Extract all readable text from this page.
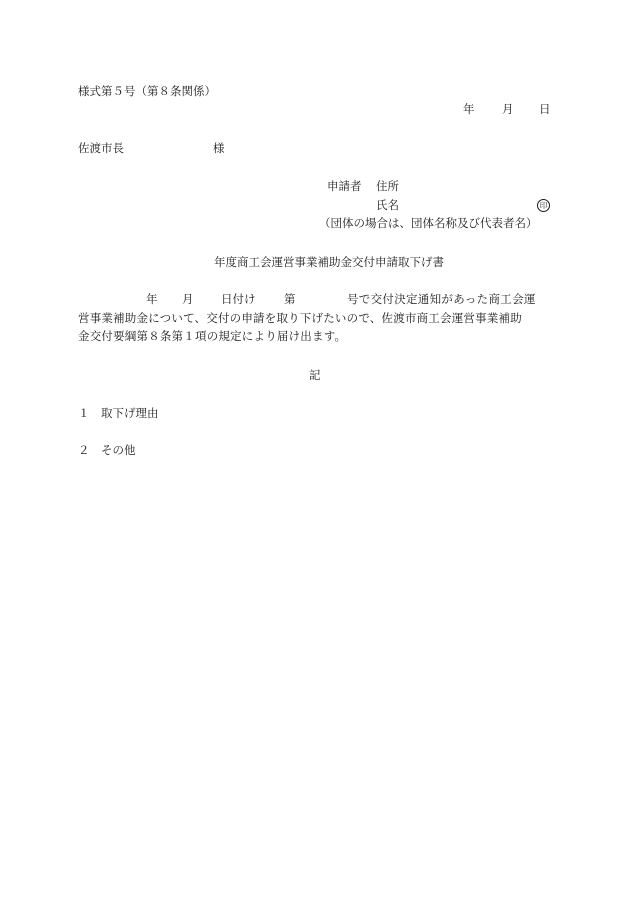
様式第５号（第８条関係）
年 月 日
佐渡市長	様
申請者 住所
氏名	印
（団体の場合は、団体名称及び代表者名）
年度商工会運営事業補助金交付申請取下げ書
年 月 日付け 第	号で交付決定通知があった商工会運
営事業補助金について、交付の申請を取り下げたいので、佐渡市商工会運営事業補助
金交付要綱第８条第１項の規定により届け出ます。
記
１ 取下げ理由
２ その他
